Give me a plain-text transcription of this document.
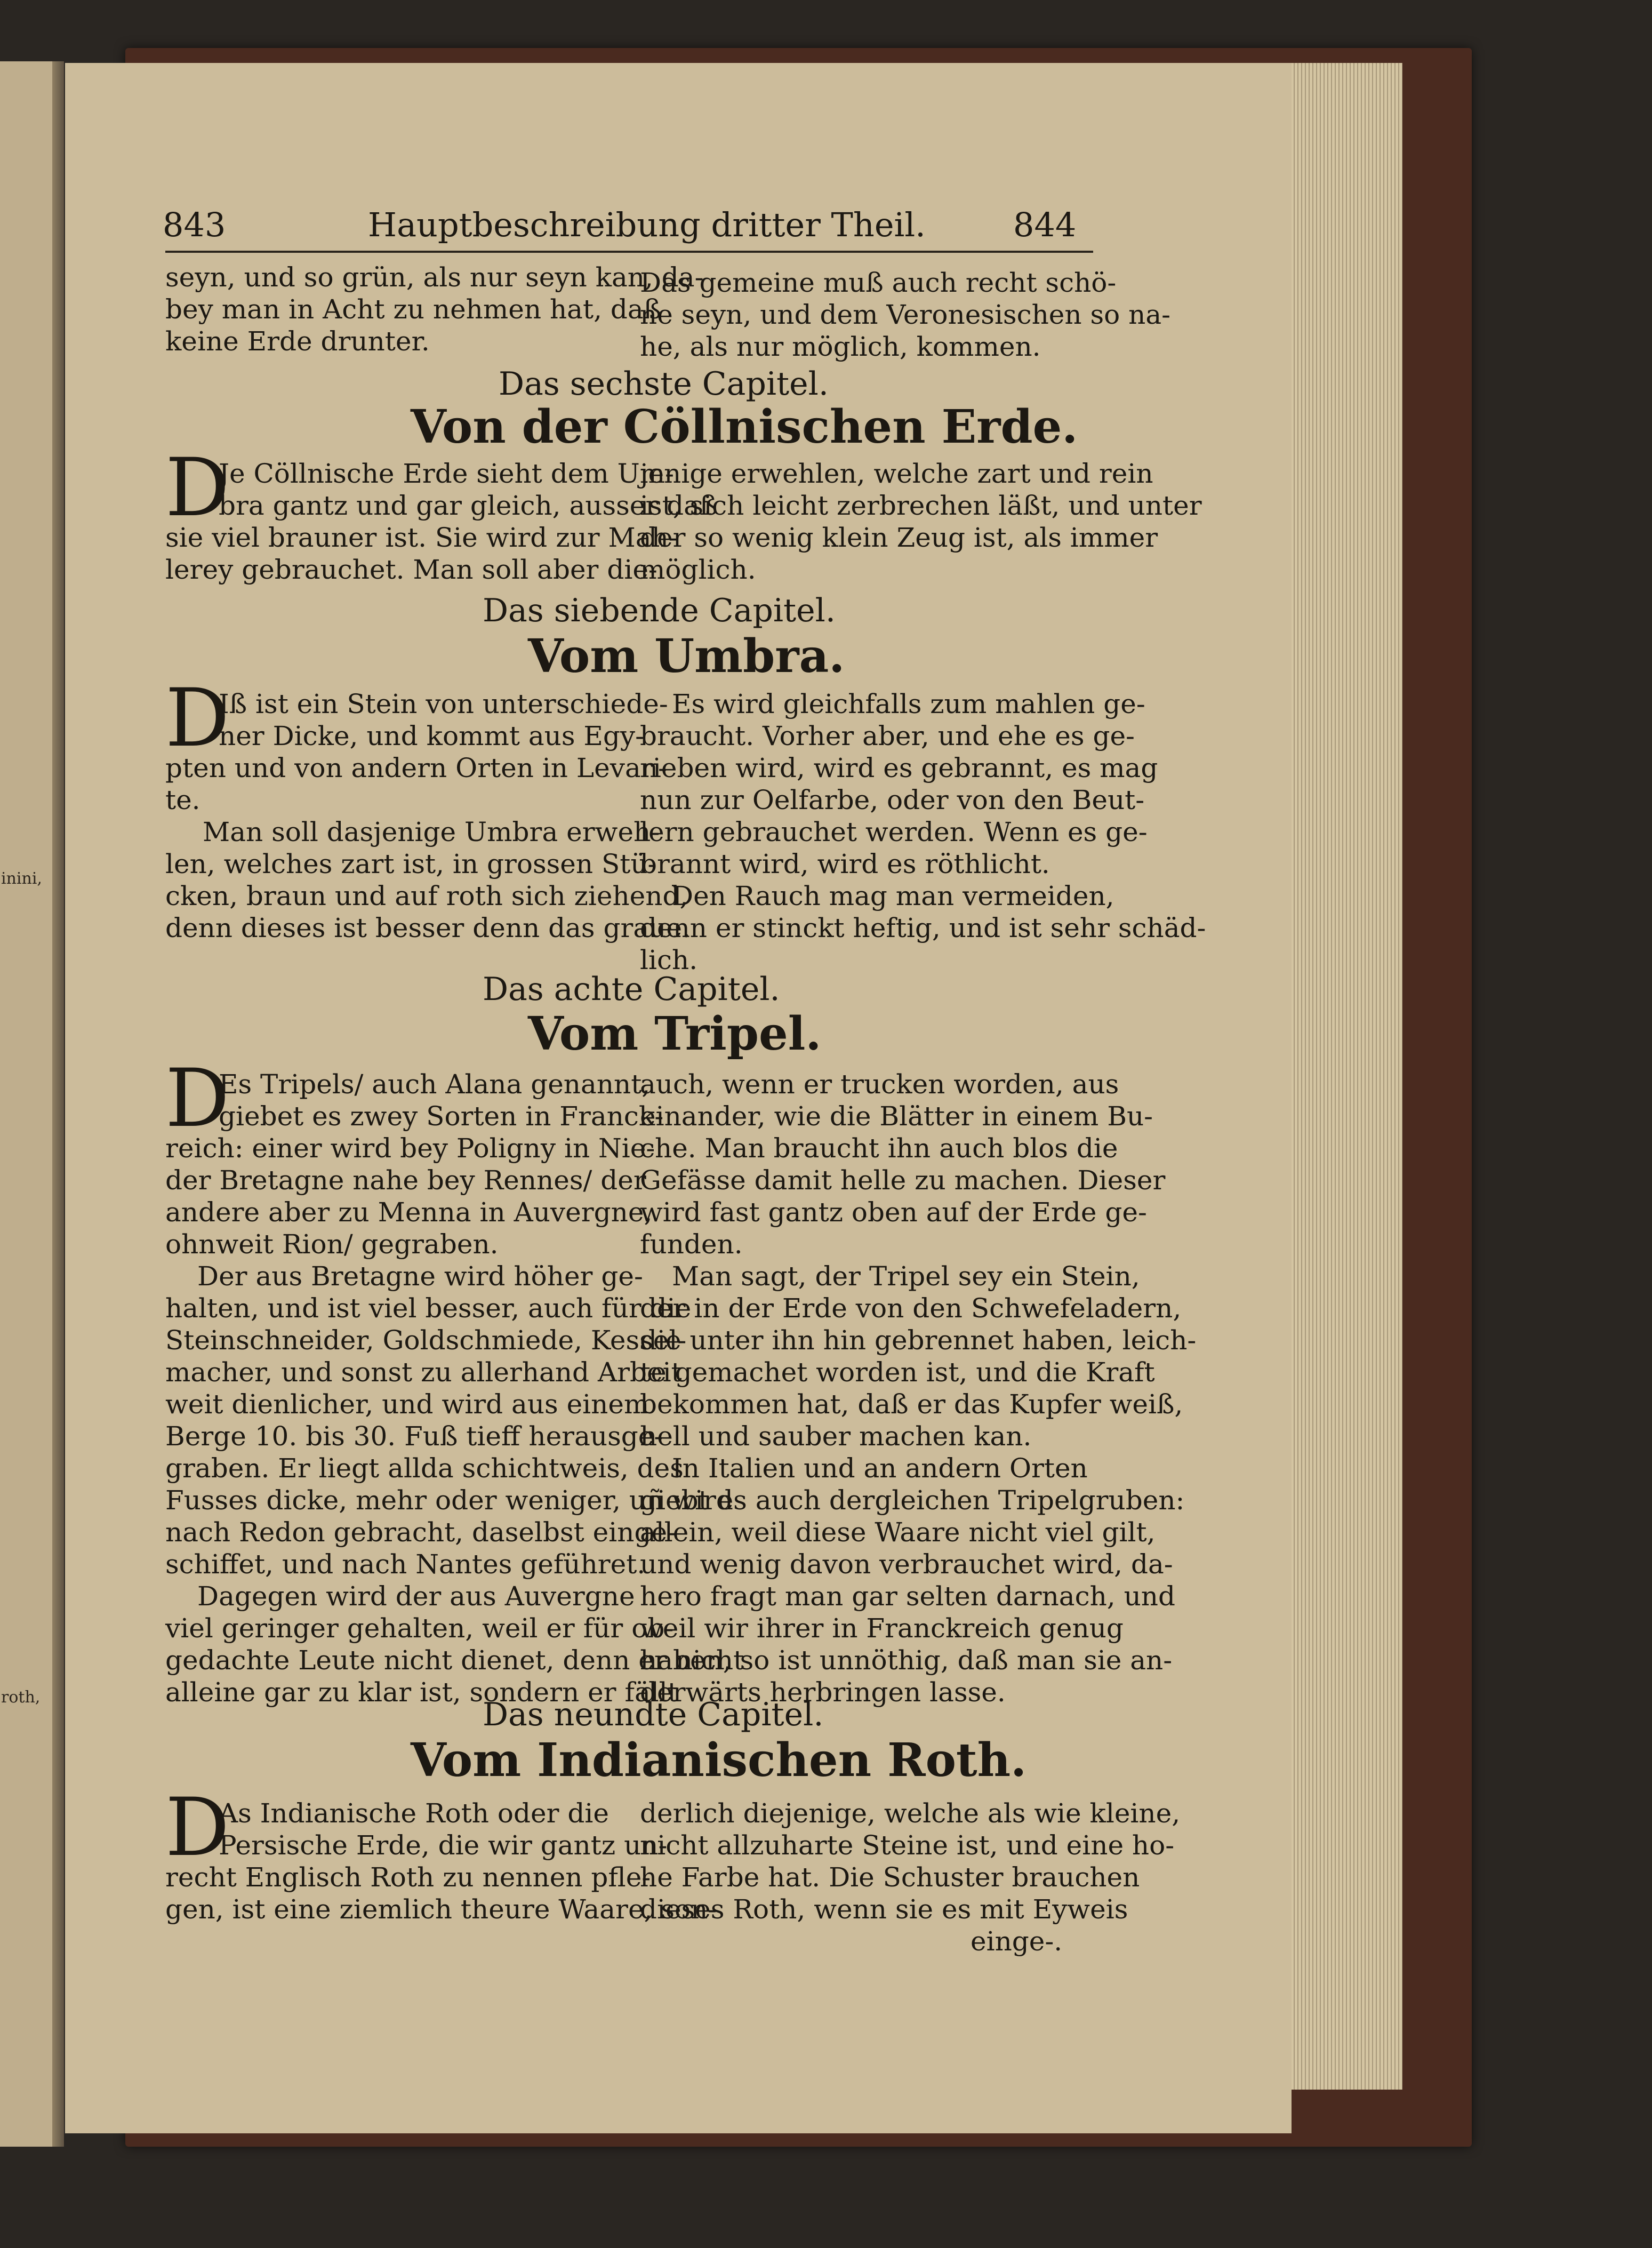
inini,
roth,
843	Hauptbeschreibung dritter Theil.	844
seyn, und so grün, als nur seyn kan, da-
bey man in Acht zu nehmen hat, daß
keine Erde drunter.
Das gemeine muß auch recht schö-
ne seyn, und dem Veronesischen so na-
he, als nur möglich, kommen.
Das sechste Capitel.
Von der Cöllnischen Erde.
D
Je Cöllnische Erde sieht dem Um-
bra gantz und gar gleich, ausser daß
sie viel brauner ist. Sie wird zur Mah-
lerey gebrauchet. Man soll aber die-
jenige erwehlen, welche zart und rein
ist, sich leicht zerbrechen läßt, und unter
der so wenig klein Zeug ist, als immer
möglich.
Das siebende Capitel.
Vom Umbra.
D
Iß ist ein Stein von unterschiede-
ner Dicke, und kommt aus Egy-
pten und von andern Orten in Levan-
te.
Man soll dasjenige Umbra erweh-
len, welches zart ist, in grossen Stü-
cken, braun und auf roth sich ziehend,
denn dieses ist besser denn das graue.
Es wird gleichfalls zum mahlen ge-
braucht. Vorher aber, und ehe es ge-
rieben wird, wird es gebrannt, es mag
nun zur Oelfarbe, oder von den Beut-
lern gebrauchet werden. Wenn es ge-
brannt wird, wird es röthlicht.
Den Rauch mag man vermeiden,
denn er stinckt heftig, und ist sehr schäd-
lich.
Das achte Capitel.
Vom Tripel.
D
Es Tripels/ auch Alana genannt,
giebet es zwey Sorten in Franck-
reich: einer wird bey Poligny in Nie-
der Bretagne nahe bey Rennes/ der
andere aber zu Menna in Auvergne,
ohnweit Rion/ gegraben.
Der aus Bretagne wird höher ge-
halten, und ist viel besser, auch für die
Steinschneider, Goldschmiede, Kessel-
macher, und sonst zu allerhand Arbeit
weit dienlicher, und wird aus einem
Berge 10. bis 30. Fuß tieff herausge-
graben. Er liegt allda schichtweis, des
Fusses dicke, mehr oder weniger, uñ wird
nach Redon gebracht, daselbst einge-
schiffet, und nach Nantes geführet.
Dagegen wird der aus Auvergne
viel geringer gehalten, weil er für ob-
gedachte Leute nicht dienet, denn er nicht
alleine gar zu klar ist, sondern er fällt
auch, wenn er trucken worden, aus
einander, wie die Blätter in einem Bu-
che. Man braucht ihn auch blos die
Gefässe damit helle zu machen. Dieser
wird fast gantz oben auf der Erde ge-
funden.
Man sagt, der Tripel sey ein Stein,
der in der Erde von den Schwefeladern,
die unter ihn hin gebrennet haben, leich-
te gemachet worden ist, und die Kraft
bekommen hat, daß er das Kupfer weiß,
hell und sauber machen kan.
In Italien und an andern Orten
giebt es auch dergleichen Tripelgruben:
allein, weil diese Waare nicht viel gilt,
und wenig davon verbrauchet wird, da-
hero fragt man gar selten darnach, und
weil wir ihrer in Franckreich genug
haben, so ist unnöthig, daß man sie an-
derwärts herbringen lasse.
Das neundte Capitel.
Vom Indianischen Roth.
D
As Indianische Roth oder die
Persische Erde, die wir gantz un-
recht Englisch Roth zu nennen pfle-
gen, ist eine ziemlich theure Waare, son-
derlich diejenige, welche als wie kleine,
nicht allzuharte Steine ist, und eine ho-
he Farbe hat. Die Schuster brauchen
dieses Roth, wenn sie es mit Eyweis
einge-.
